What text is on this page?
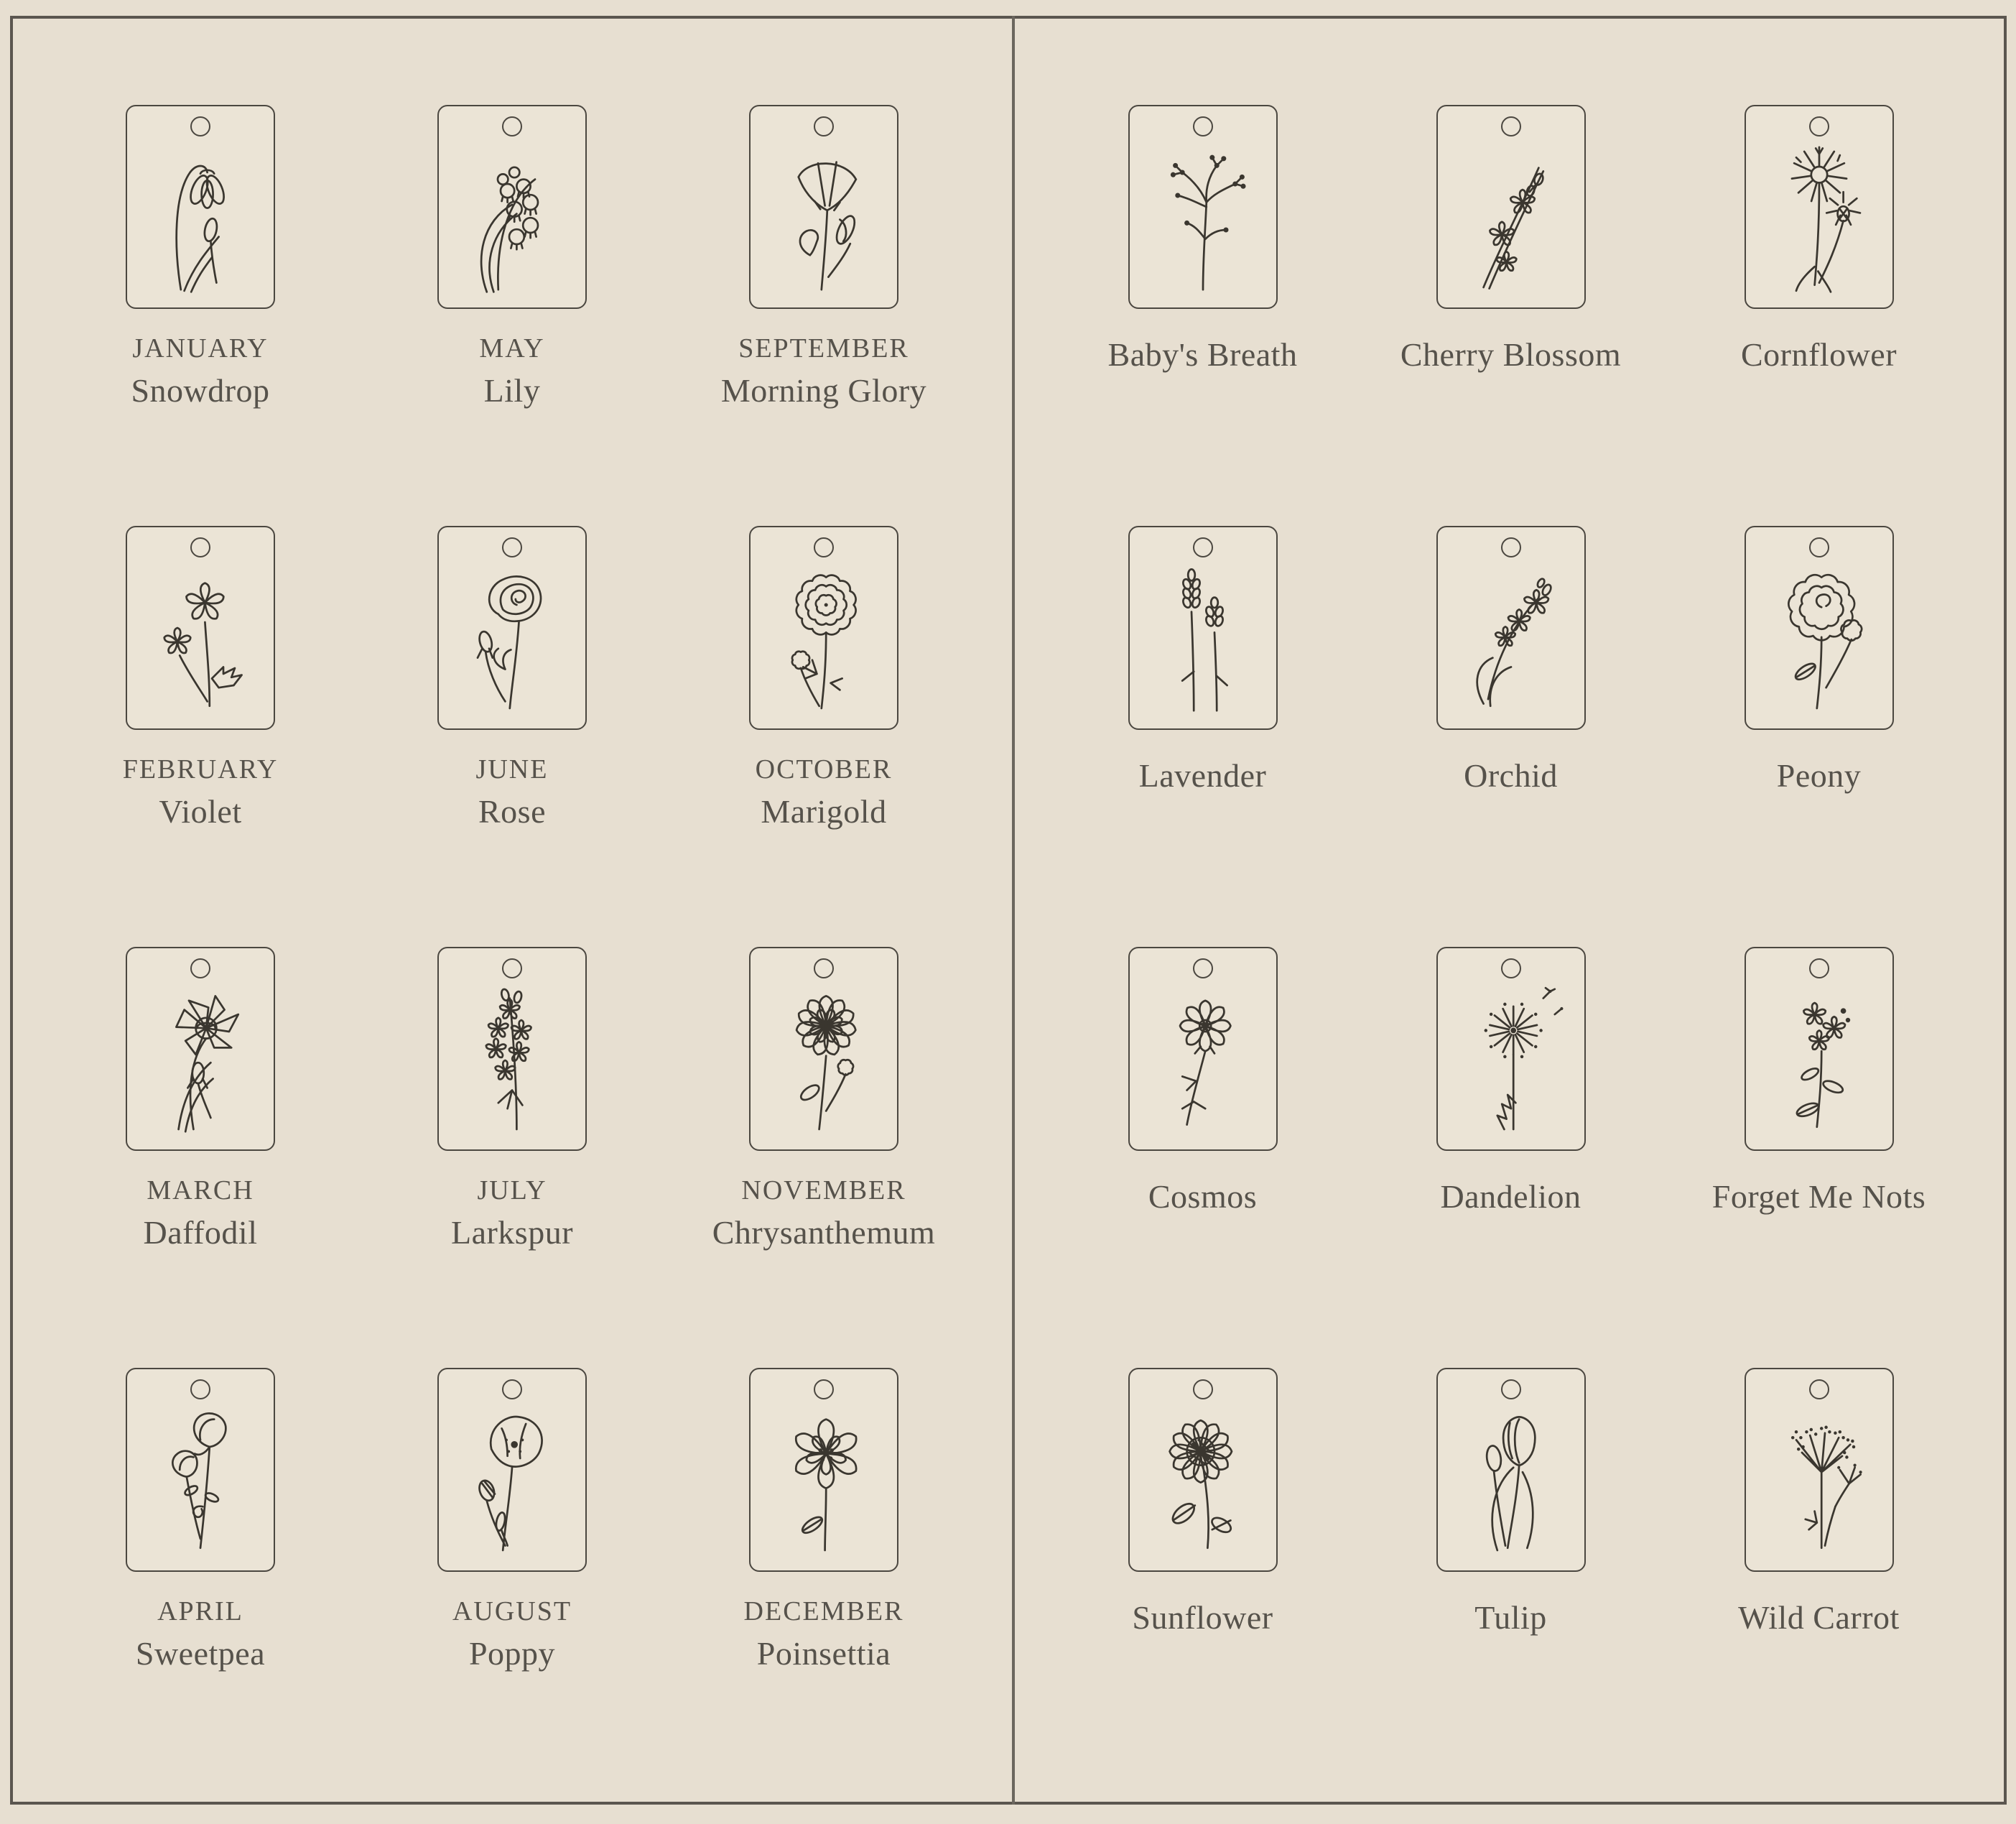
JANUARY
Snowdrop
MAY
Lily
SEPTEMBER
Morning Glory
FEBRUARY
Violet
JUNE
Rose
OCTOBER
Marigold
MARCH
Daffodil
JULY
Larkspur
NOVEMBER
Chrysanthemum
APRIL
Sweetpea
AUGUST
Poppy
DECEMBER
Poinsettia
Baby's Breath	Cherry Blossom	Cornflower
Lavender	Orchid	Peony
Cosmos	Dandelion	Forget Me Nots
Sunflower	Tulip	Wild Carrot
